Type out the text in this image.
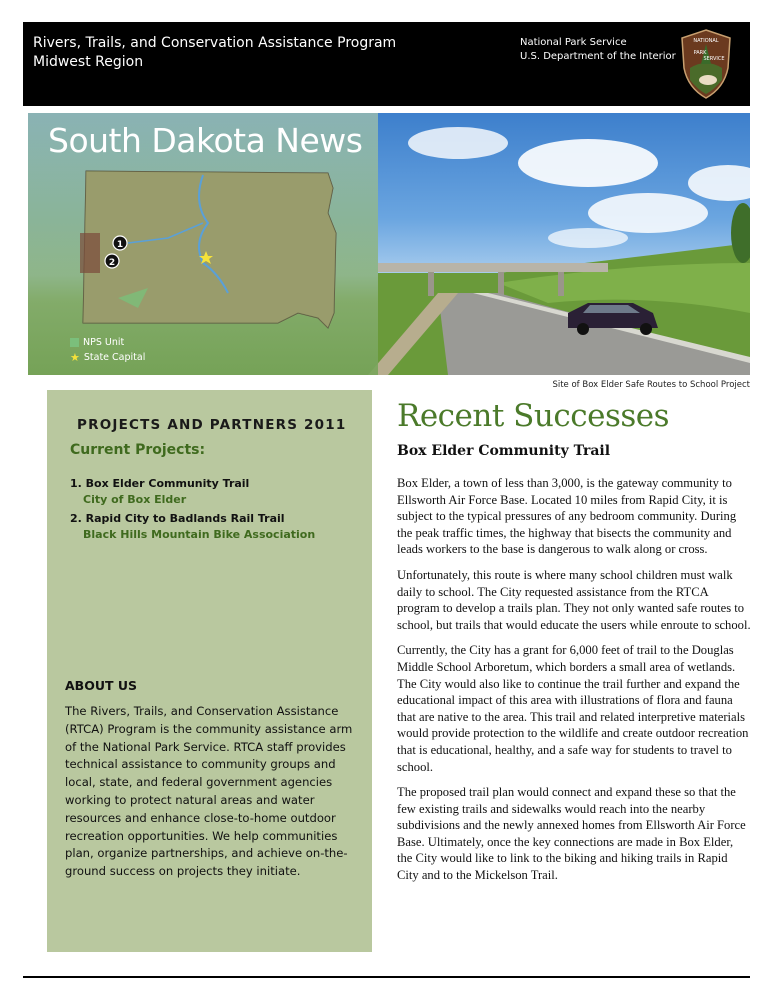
Rivers, Trails, and Conservation Assistance Program
Midwest Region
National Park Service
U.S. Department of the Interior
NATIONAL
PARK
SERVICE
1
2
South Dakota News
NPS Unit
★ State Capital
Site of Box Elder Safe Routes to School Project
PROJECTS AND PARTNERS 2011
Current Projects:
1. Box Elder Community Trail
City of Box Elder
2. Rapid City to Badlands Rail Trail
Black Hills Mountain Bike Association
ABOUT US
The Rivers, Trails, and Conservation Assistance (RTCA) Program is the community assistance arm of the National Park Service. RTCA staff provides technical assistance to community groups and local, state, and federal government agencies working to protect natural areas and water resources and enhance close-to-home outdoor recreation opportunities. We help communities plan, organize partnerships, and achieve on-the-ground success on projects they initiate.
Recent Successes
Box Elder Community Trail

Box Elder, a town of less than 3,000, is the gateway community to Ellsworth Air Force Base. Located 10 miles from Rapid City, it is subject to the typical pressures of any bedroom community. During the peak traffic times, the highway that bisects the community and leads workers to the base is dangerous to walk along or cross.

Unfortunately, this route is where many school children must walk daily to school. The City requested assistance from the RTCA program to develop a trails plan. They not only wanted safe routes to school, but trails that would educate the users while enroute to school.

Currently, the City has a grant for 6,000 feet of trail to the Douglas Middle School Arboretum, which borders a small area of wetlands. The City would also like to continue the trail further and expand the educational impact of this area with illustrations of flora and fauna that are native to the area. This trail and related interpretive materials would provide protection to the wildlife and create outdoor recreation that is educational, healthy, and a safe way for students to travel to school.

The proposed trail plan would connect and expand these so that the few existing trails and sidewalks would reach into the nearby subdivisions and the newly annexed homes from Ellsworth Air Force Base. Ultimately, once the key connections are made in Box Elder, the City would like to link to the biking and hiking trails in Rapid City and to the Mickelson Trail.
